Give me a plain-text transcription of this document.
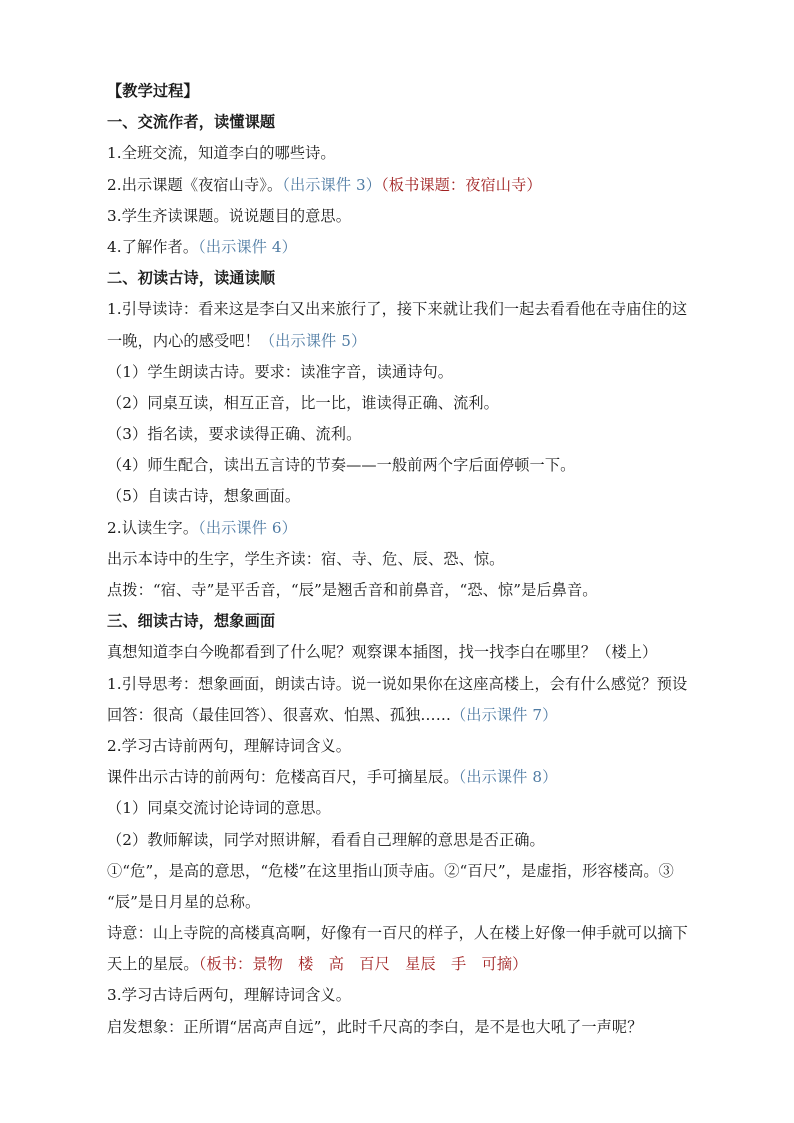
【教学过程】
一、交流作者，读懂课题
1.全班交流，知道李白的哪些诗。
2.出示课题《夜宿山寺》。（出示课件 3）（板书课题：夜宿山寺）
3.学生齐读课题。说说题目的意思。
4.了解作者。（出示课件 4）
二、初读古诗，读通读顺
1.引导读诗：看来这是李白又出来旅行了，接下来就让我们一起去看看他在寺庙住的这
一晚，内心的感受吧！（出示课件 5）
（1）学生朗读古诗。要求：读准字音，读通诗句。
（2）同桌互读，相互正音，比一比，谁读得正确、流利。
（3）指名读，要求读得正确、流利。
（4）师生配合，读出五言诗的节奏——一般前两个字后面停顿一下。
（5）自读古诗，想象画面。
2.认读生字。（出示课件 6）
出示本诗中的生字，学生齐读：宿、寺、危、辰、恐、惊。
点拨：“宿、寺”是平舌音，“辰”是翘舌音和前鼻音，“恐、惊”是后鼻音。
三、细读古诗，想象画面
真想知道李白今晚都看到了什么呢？观察课本插图，找一找李白在哪里？（楼上）
1.引导思考：想象画面，朗读古诗。说一说如果你在这座高楼上，会有什么感觉？预设
回答：很高（最佳回答）、很喜欢、怕黑、孤独……（出示课件 7）
2.学习古诗前两句，理解诗词含义。
课件出示古诗的前两句：危楼高百尺，手可摘星辰。（出示课件 8）
（1）同桌交流讨论诗词的意思。
（2）教师解读，同学对照讲解，看看自己理解的意思是否正确。
①“危”，是高的意思，“危楼”在这里指山顶寺庙。②“百尺”，是虚指，形容楼高。③
“辰”是日月星的总称。
诗意：山上寺院的高楼真高啊，好像有一百尺的样子，人在楼上好像一伸手就可以摘下
天上的星辰。（板书：景物　楼　高　百尺　星辰　手　可摘）
3.学习古诗后两句，理解诗词含义。
启发想象：正所谓“居高声自远”，此时千尺高的李白，是不是也大吼了一声呢？
